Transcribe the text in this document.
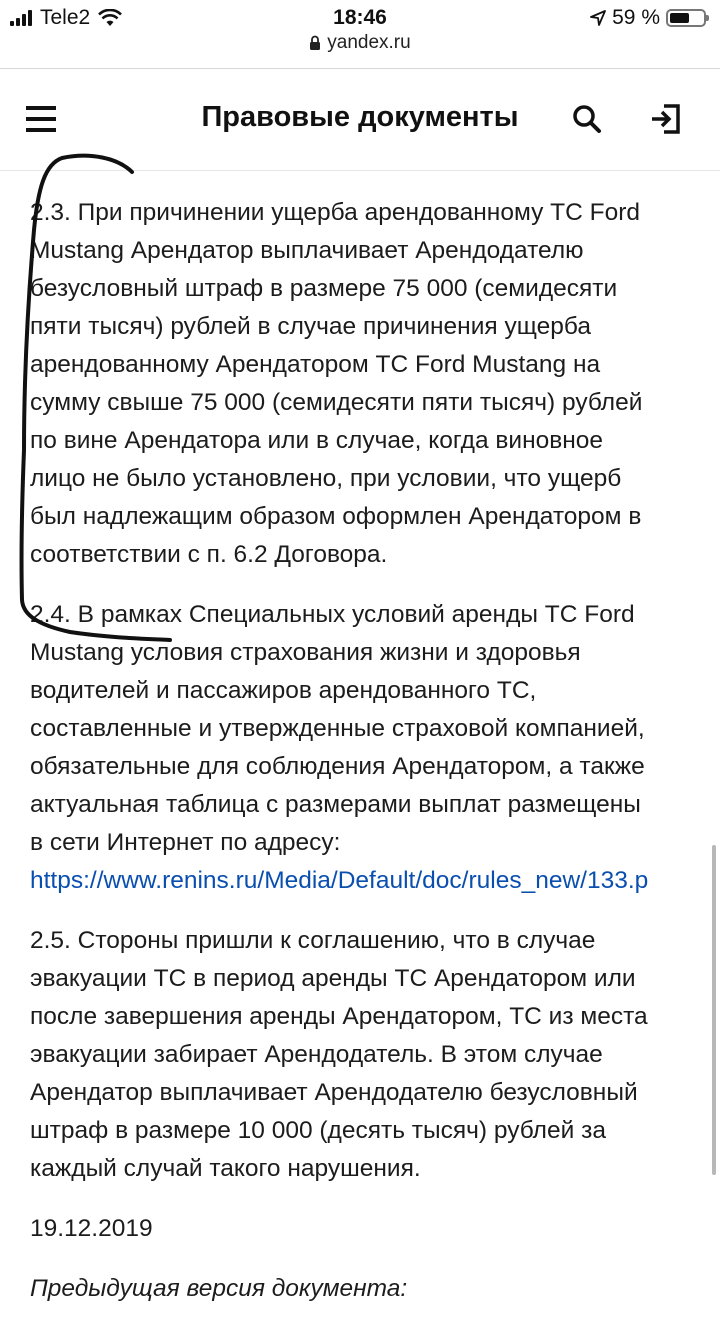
Tele2	18:46	59 %
yandex.ru
Правовые документы
2.3. При причинении ущерба арендованному ТС Ford
Mustang Арендатор выплачивает Арендодателю
безусловный штраф в размере 75 000 (семидесяти
пяти тысяч) рублей в случае причинения ущерба
арендованному Арендатором ТС Ford Mustang на
сумму свыше 75 000 (семидесяти пяти тысяч) рублей
по вине Арендатора или в случае, когда виновное
лицо не было установлено, при условии, что ущерб
был надлежащим образом оформлен Арендатором в
соответствии с п. 6.2 Договора.
2.4. В рамках Специальных условий аренды ТС Ford
Mustang условия страхования жизни и здоровья
водителей и пассажиров арендованного ТС,
составленные и утвержденные страховой компанией,
обязательные для соблюдения Арендатором, а также
актуальная таблица с размерами выплат размещены
в сети Интернет по адресу:
https://www.renins.ru/Media/Default/doc/rules_new/133.p
2.5. Стороны пришли к соглашению, что в случае
эвакуации ТС в период аренды ТС Арендатором или
после завершения аренды Арендатором, ТС из места
эвакуации забирает Арендодатель. В этом случае
Арендатор выплачивает Арендодателю безусловный
штраф в размере 10 000 (десять тысяч) рублей за
каждый случай такого нарушения.
19.12.2019
Предыдущая версия документа:
